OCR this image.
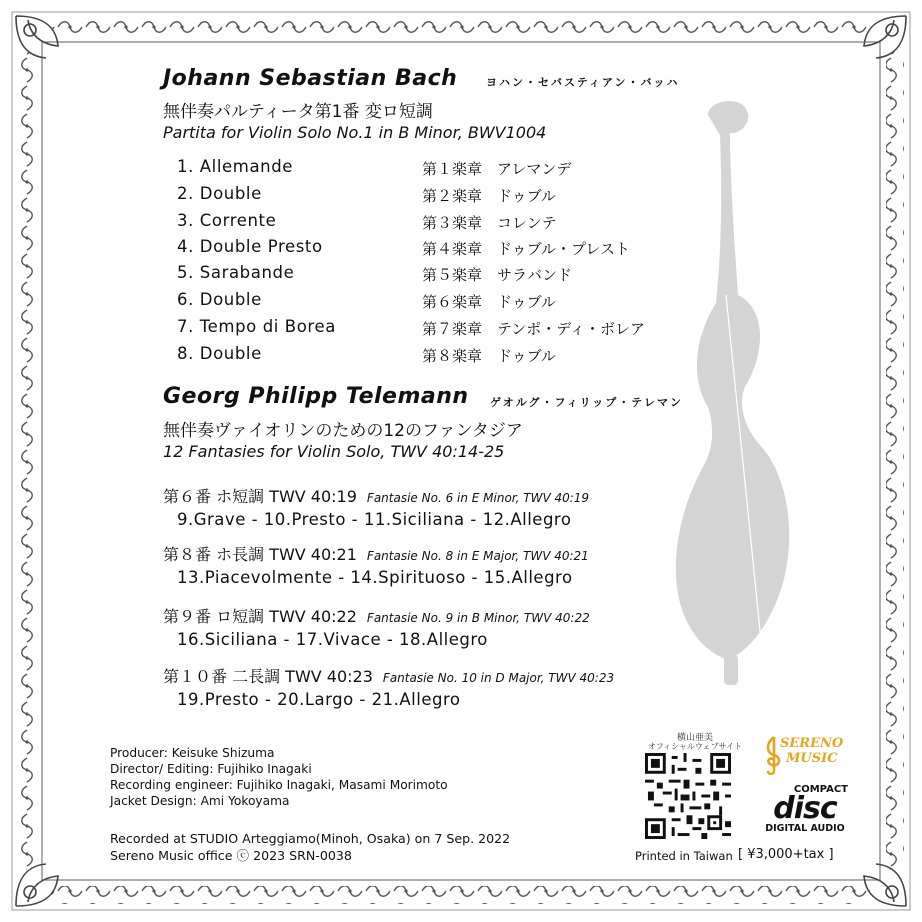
Johann Sebastian Bach	ヨハン・セバスティアン・バッハ
無伴奏パルティータ第1番 変ロ短調
Partita for Violin Solo No.1 in B Minor, BWV1004
1. Allemande	第１楽章　アレマンデ
2. Double	第２楽章　ドゥブル
3. Corrente	第３楽章　コレンテ
4. Double Presto	第４楽章　ドゥブル・プレスト
5. Sarabande	第５楽章　サラバンド
6. Double	第６楽章　ドゥブル
7. Tempo di Borea	第７楽章　テンポ・ディ・ボレア
8. Double	第８楽章　ドゥブル
Georg Philipp Telemann ゲオルグ・フィリップ・テレマン
無伴奏ヴァイオリンのための12のファンタジア
12 Fantasies for Violin Solo, TWV 40:14-25
第６番 ホ短調 TWV 40:19 Fantasie No. 6 in E Minor, TWV 40:19
9.Grave - 10.Presto - 11.Siciliana - 12.Allegro
第８番 ホ長調 TWV 40:21 Fantasie No. 8 in E Major, TWV 40:21
13.Piacevolmente - 14.Spirituoso - 15.Allegro
第９番 ロ短調 TWV 40:22 Fantasie No. 9 in B Minor, TWV 40:22
16.Siciliana - 17.Vivace - 18.Allegro
第１０番 二長調 TWV 40:23 Fantasie No. 10 in D Major, TWV 40:23
19.Presto - 20.Largo - 21.Allegro
Producer: Keisuke Shizuma
Director/ Editing: Fujihiko Inagaki
Recording engineer: Fujihiko Inagaki, Masami Morimoto
Jacket Design: Ami Yokoyama
Recorded at STUDIO Arteggiamo(Minoh, Osaka) on 7 Sep. 2022
Sereno Music office ⓒ 2023 SRN-0038
横山亜美
オフィシャルウェブサイト	SERENO
MUSIC
COMPACT
disc
DIGITAL AUDIO
Printed in Taiwan [ ¥3,000+tax ]
